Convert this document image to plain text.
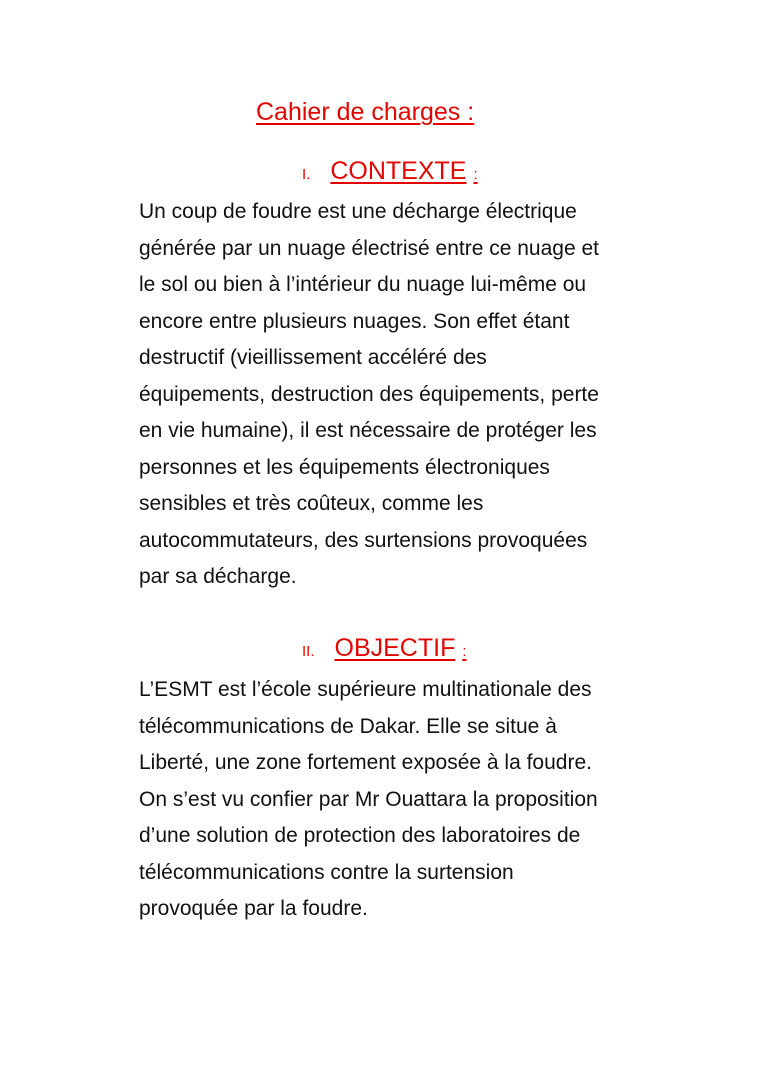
Cahier de charges :
I. CONTEXTE :
Un coup de foudre est une décharge électrique
générée par un nuage électrisé entre ce nuage et
le sol ou bien à l’intérieur du nuage lui-même ou
encore entre plusieurs nuages. Son effet étant
destructif (vieillissement accéléré des
équipements, destruction des équipements, perte
en vie humaine), il est nécessaire de protéger les
personnes et les équipements électroniques
sensibles et très coûteux, comme les
autocommutateurs, des surtensions provoquées
par sa décharge.
II. OBJECTIF :
L’ESMT est l’école supérieure multinationale des
télécommunications de Dakar. Elle se situe à
Liberté, une zone fortement exposée à la foudre.
On s’est vu confier par Mr Ouattara la proposition
d’une solution de protection des laboratoires de
télécommunications contre la surtension
provoquée par la foudre.
